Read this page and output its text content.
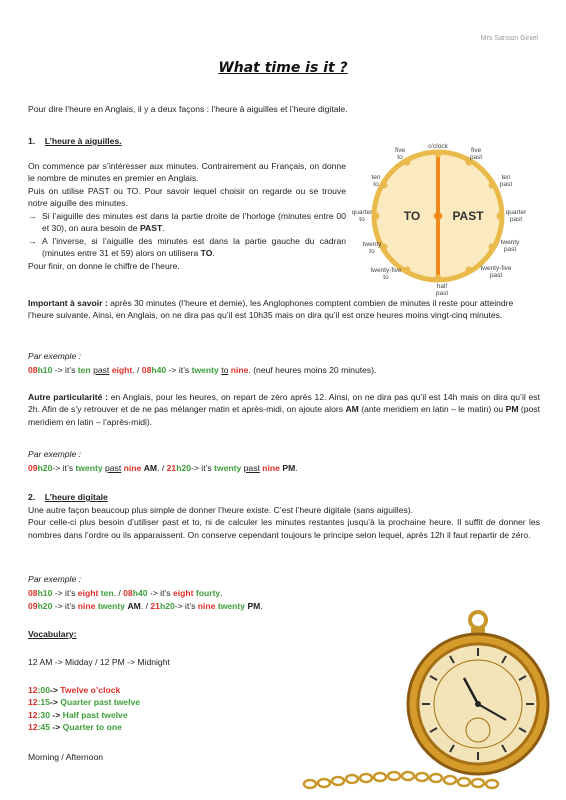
Mrs Sanson Giniel
What time is it ?
Pour dire l’heure en Anglais, il y a deux façons : l’heure à aiguilles et l’heure digitale.
1. L’heure à aiguilles.
On commence par s’intéresser aux minutes. Contrairement au Français, on donne le nombre de minutes en premier en Anglais.
Puis on utilise PAST ou TO. Pour savoir lequel choisir on regarde ou se trouve notre aiguille des minutes.
→ Si l’aiguille des minutes est dans la partie droite de l’horloge (minutes entre 00 et 30), on aura besoin de PAST.
→ A l’inverse, si l’aiguille des minutes est dans la partie gauche du cadran (minutes entre 31 et 59) alors on utilisera TO.
Pour finir, on donne le chiffre de l’heure.
TO	PAST
o'clock
five
to
five
past
ten
to
ten
past
quarter
to
quarter
past
twenty
to
twenty
past
twenty-five
to
twenty-five
past
half
past
Important à savoir : après 30 minutes (l’heure et demie), les Anglophones comptent combien de minutes il reste pour atteindre l’heure suivante. Ainsi, en Anglais, on ne dira pas qu’il est 10h35 mais on dira qu’il est onze heures moins vingt-cinq minutes.
Par exemple :
08h10 -> it’s ten past eight. / 08h40 -> it’s twenty to nine. (neuf heures moins 20 minutes).
Autre particularité : en Anglais, pour les heures, on repart de zéro après 12. Ainsi, on ne dira pas qu’il est 14h mais on dira qu’il est 2h. Afin de s’y retrouver et de ne pas mélanger matin et après-midi, on ajoute alors AM (ante meridiem en latin – le matin) ou PM (post meridiem en latin – l’après-midi).
Par exemple :
09h20-> it’s twenty past nine AM. / 21h20-> it’s twenty past nine PM.
2. L’heure digitale
Une autre façon beaucoup plus simple de donner l’heure existe. C’est l’heure digitale (sans aiguilles).
Pour celle-ci plus besoin d’utiliser past et to, ni de calculer les minutes restantes jusqu’à la prochaine heure. Il suffit de donner les nombres dans l’ordre ou ils apparaissent. On conserve cependant toujours le principe selon lequel, après 12h il faut repartir de zéro.
Par exemple :
08h10 -> it’s eight ten. / 08h40 -> it’s eight fourty.
09h20 -> it’s nine twenty AM. / 21h20-> it’s nine twenty PM.
Vocabulary:
12 AM -> Midday / 12 PM -> Midnight
12:00-> Twelve o’clock
12:15-> Quarter past twelve
12:30 -> Half past twelve
12:45 -> Quarter to one
Morning / Afternoon
